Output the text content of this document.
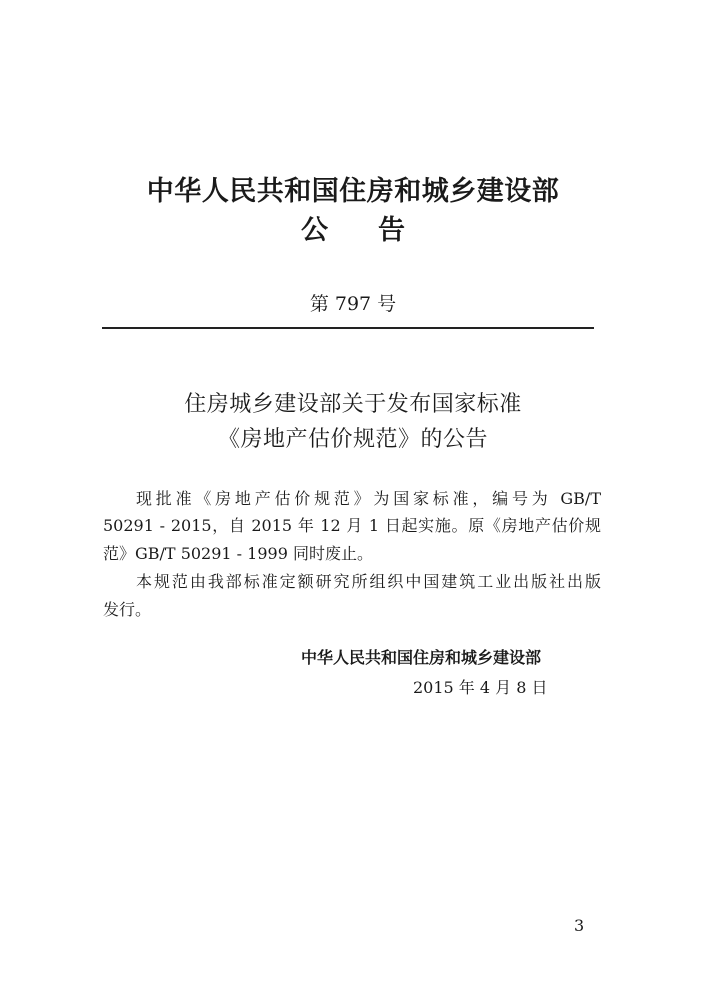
中华人民共和国住房和城乡建设部
公告
第 797 号
住房城乡建设部关于发布国家标准
《房地产估价规范》的公告
现批准《房地产估价规范》为国家标准，编号为 GB/T
50291 - 2015，自 2015 年 12 月 1 日起实施。原《房地产估价规
范》GB/T 50291 - 1999 同时废止。
本规范由我部标准定额研究所组织中国建筑工业出版社出版
发行。
中华人民共和国住房和城乡建设部
2015 年 4 月 8 日
3
